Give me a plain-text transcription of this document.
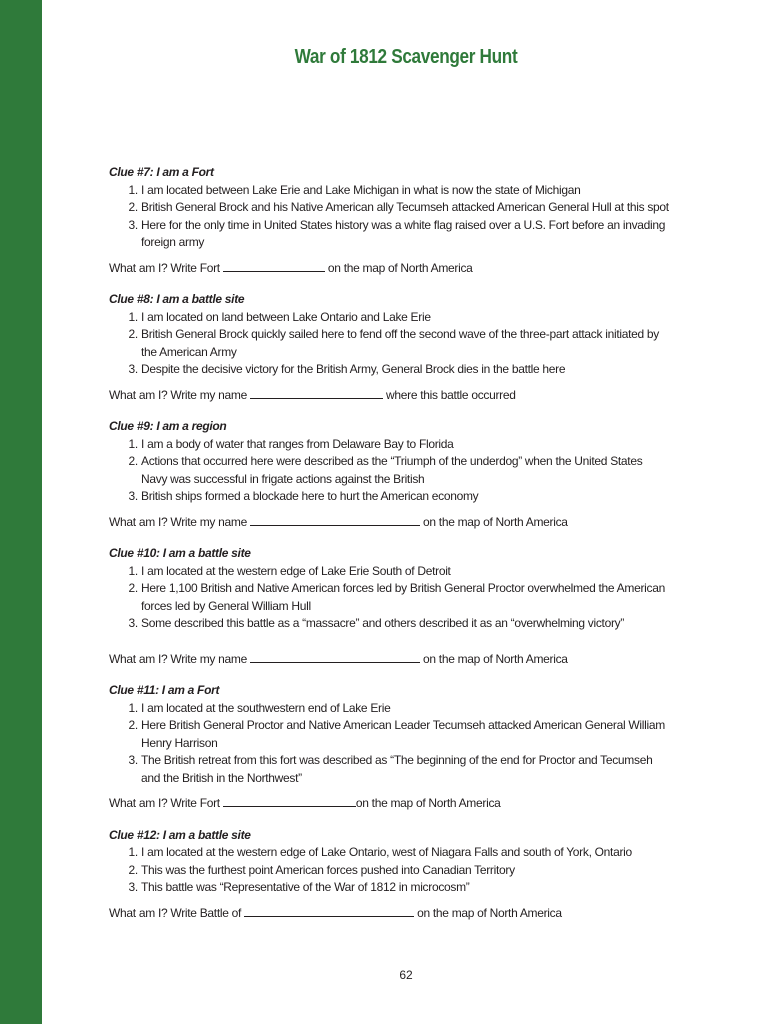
War of 1812 Scavenger Hunt

Clue #7: I am a Fort

1. I am located between Lake Erie and Lake Michigan in what is now the state of Michigan
2. British General Brock and his Native American ally Tecumseh attacked American General Hull at this spot
3. Here for the only time in United States history was a white flag raised over a U.S. Fort before an invading foreign army
What am I? Write Fort	on the map of North America

Clue #8: I am a battle site

1. I am located on land between Lake Ontario and Lake Erie
2. British General Brock quickly sailed here to fend off the second wave of the three-part attack initiated by the American Army
3. Despite the decisive victory for the British Army, General Brock dies in the battle here
What am I? Write my name	where this battle occurred

Clue #9: I am a region

1. I am a body of water that ranges from Delaware Bay to Florida
2. Actions that occurred here were described as the “Triumph of the underdog” when the United States Navy was successful in frigate actions against the British
3. British ships formed a blockade here to hurt the American economy
What am I? Write my name	on the map of North America

Clue #10: I am a battle site

1. I am located at the western edge of Lake Erie South of Detroit
2. Here 1,100 British and Native American forces led by British General Proctor overwhelmed the American forces led by General William Hull
3. Some described this battle as a “massacre” and others described it as an “overwhelming victory”
What am I? Write my name	on the map of North America

Clue #11: I am a Fort

1. I am located at the southwestern end of Lake Erie
2. Here British General Proctor and Native American Leader Tecumseh attacked American General William Henry Harrison
3. The British retreat from this fort was described as “The beginning of the end for Proctor and Tecumseh and the British in the Northwest”
What am I? Write Fort	on the map of North America

Clue #12: I am a battle site

1. I am located at the western edge of Lake Ontario, west of Niagara Falls and south of York, Ontario
2. This was the furthest point American forces pushed into Canadian Territory
3. This battle was “Representative of the War of 1812 in microcosm”
What am I? Write Battle of	on the map of North America
62
